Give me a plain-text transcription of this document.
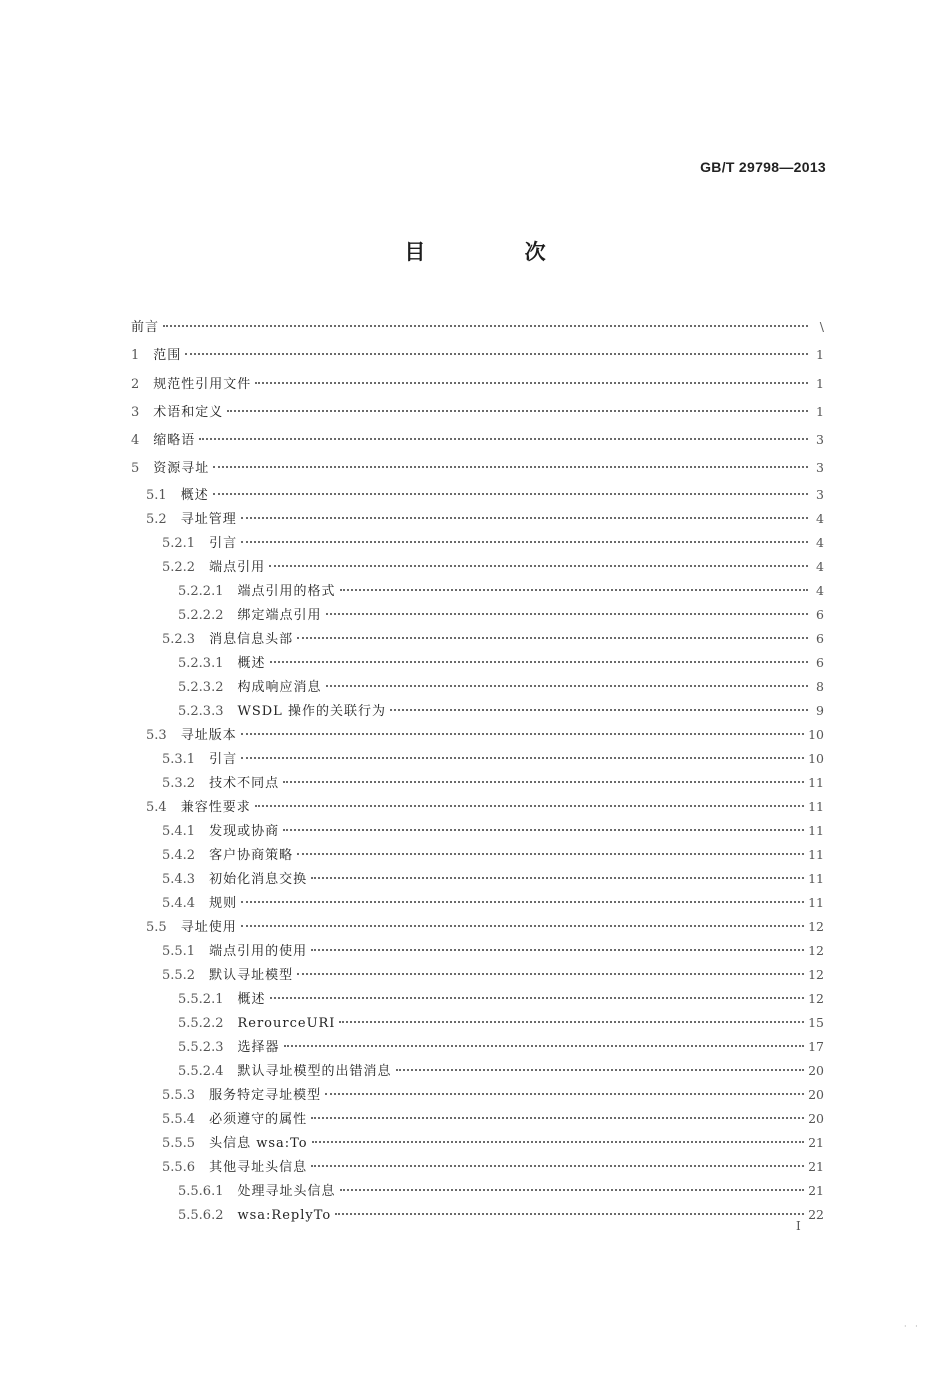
GB/T 29798—2013
目 次
前言	\
1 范围	1
2 规范性引用文件	1
3 术语和定义	1
4 缩略语	3
5 资源寻址	3
5.1 概述	3
5.2 寻址管理	4
5.2.1 引言	4
5.2.2 端点引用	4
5.2.2.1 端点引用的格式	4
5.2.2.2 绑定端点引用	6
5.2.3 消息信息头部	6
5.2.3.1 概述	6
5.2.3.2 构成响应消息	8
5.2.3.3 WSDL 操作的关联行为	9
5.3 寻址版本	10
5.3.1 引言	10
5.3.2 技术不同点	11
5.4 兼容性要求	11
5.4.1 发现或协商	11
5.4.2 客户协商策略	11
5.4.3 初始化消息交换	11
5.4.4 规则	11
5.5 寻址使用	12
5.5.1 端点引用的使用	12
5.5.2 默认寻址模型	12
5.5.2.1 概述	12
5.5.2.2 RerourceURI	15
5.5.2.3 选择器	17
5.5.2.4 默认寻址模型的出错消息	20
5.5.3 服务特定寻址模型	20
5.5.4 必须遵守的属性	20
5.5.5 头信息 wsa:To	21
5.5.6 其他寻址头信息	21
5.5.6.1 处理寻址头信息	21
5.5.6.2 wsa:ReplyTo	22
I
· ·
